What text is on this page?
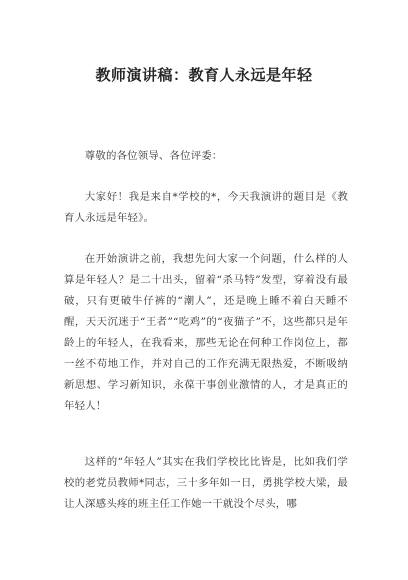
教师演讲稿：教育人永远是年轻

尊敬的各位领导、各位评委：

大家好！我是来自*学校的*，今天我演讲的题目是《教育人永远是年轻》。

在开始演讲之前，我想先问大家一个问题，什么样的人算是年轻人？是二十出头，留着“杀马特”发型，穿着没有最破，只有更破牛仔裤的“潮人”，还是晚上睡不着白天睡不醒，天天沉迷于“王者”“吃鸡”的“夜猫子”不，这些都只是年龄上的年轻人，在我看来，那些无论在何种工作岗位上，都一丝不苟地工作，并对自己的工作充满无限热爱，不断吸纳新思想、学习新知识，永葆干事创业激情的人，才是真正的年轻人！

这样的“年轻人”其实在我们学校比比皆是，比如我们学校的老党员教师*同志，三十多年如一日，勇挑学校大梁，最让人深感头疼的班主任工作她一干就没个尽头，哪
